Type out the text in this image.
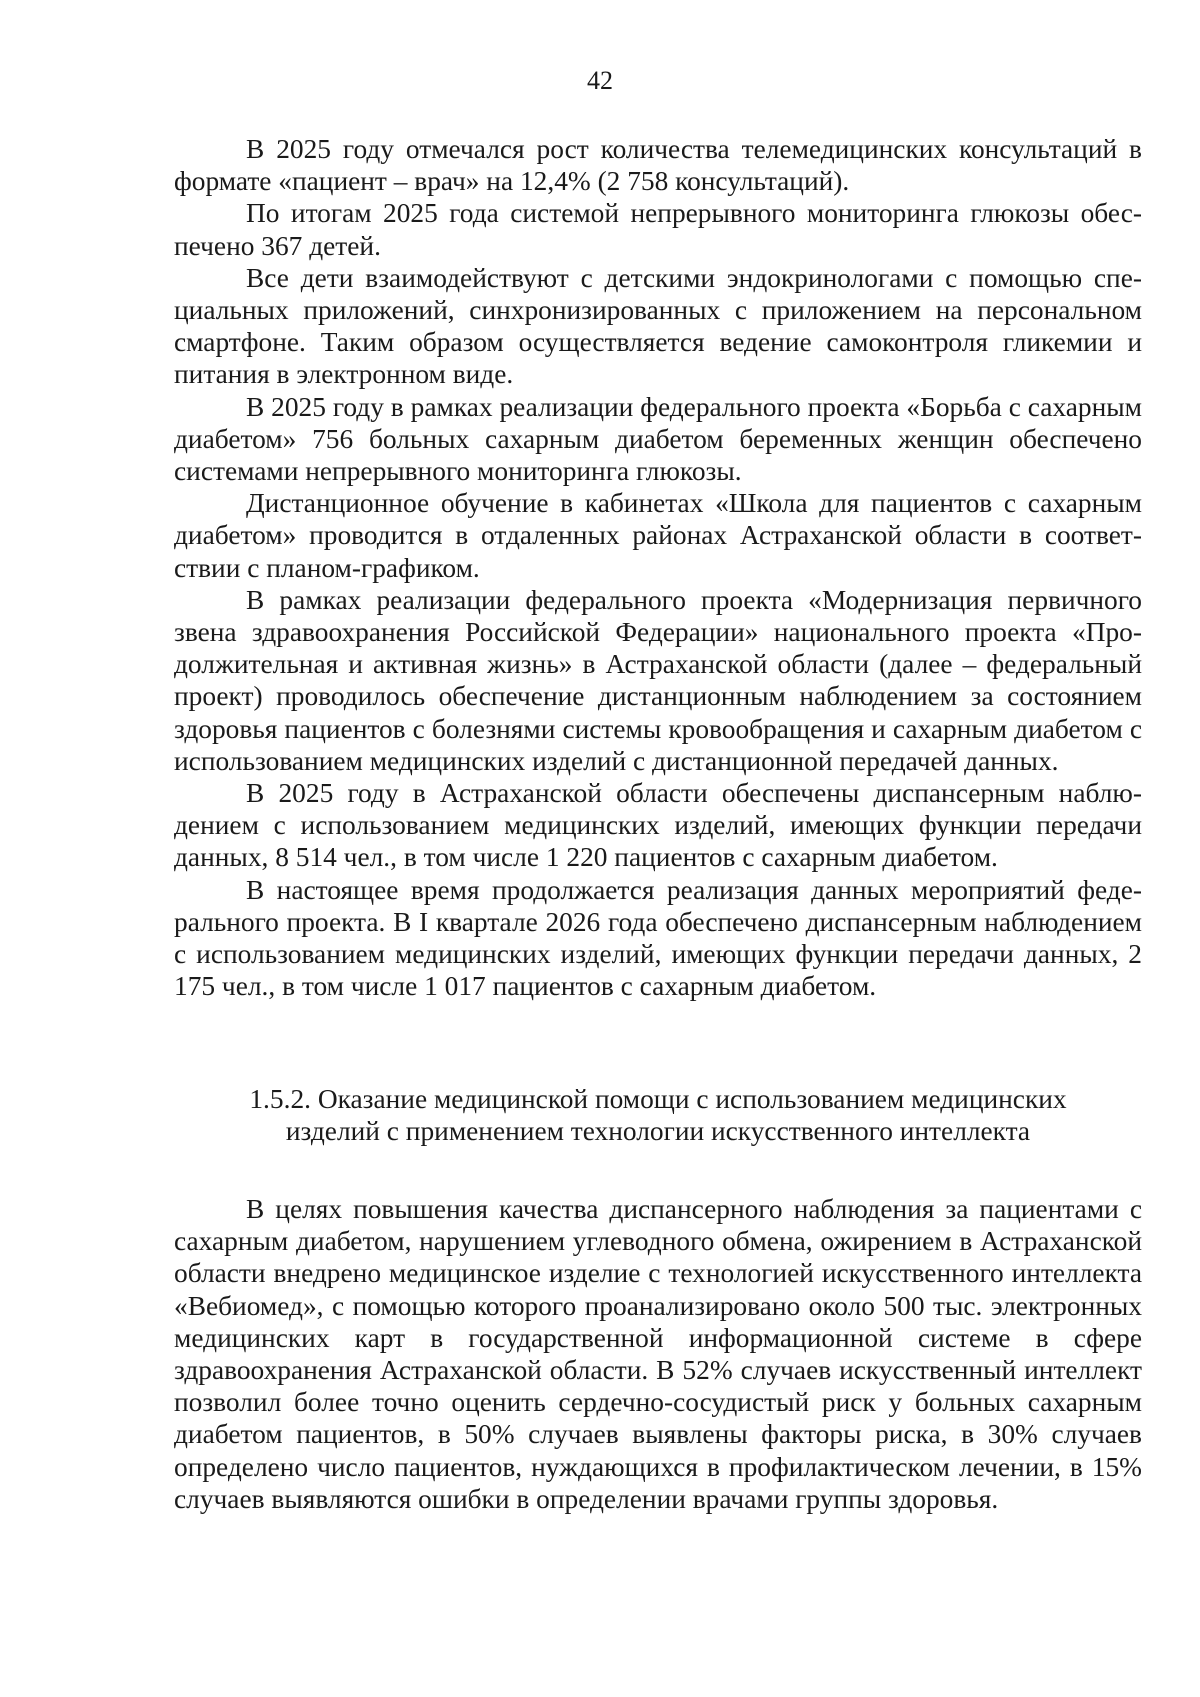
42

В 2025 году отмечался рост количества телемедицинских консультаций в формате «пациент – врач» на 12,4% (2 758 консультаций).

По итогам 2025 года системой непрерывного мониторинга глюкозы обеспечено 367 детей.

Все дети взаимодействуют с детскими эндокринологами с помощью специальных приложений, синхронизированных с приложением на персональном смартфоне. Таким образом осуществляется ведение самоконтроля гликемии и питания в электронном виде.

В 2025 году в рамках реализации федерального проекта «Борьба с сахарным диабетом» 756 больных сахарным диабетом беременных женщин обеспечено системами непрерывного мониторинга глюкозы.

Дистанционное обучение в кабинетах «Школа для пациентов с сахарным диабетом» проводится в отдаленных районах Астраханской области в соответствии с планом-графиком.

В рамках реализации федерального проекта «Модернизация первичного звена здравоохранения Российской Федерации» национального проекта «Продолжительная и активная жизнь» в Астраханской области (далее – федеральный проект) проводилось обеспечение дистанционным наблюдением за состоянием здоровья пациентов с болезнями системы кровообращения и сахарным диабетом с использованием медицинских изделий с дистанционной передачей данных.

В 2025 году в Астраханской области обеспечены диспансерным наблюдением с использованием медицинских изделий, имеющих функции передачи данных, 8 514 чел., в том числе 1 220 пациентов с сахарным диабетом.

В настоящее время продолжается реализация данных мероприятий федерального проекта. В I квартале 2026 года обеспечено диспансерным наблюдением с использованием медицинских изделий, имеющих функции передачи данных, 2 175 чел., в том числе 1 017 пациентов с сахарным диабетом.

1.5.2. Оказание медицинской помощи с использованием медицинских
изделий с применением технологии искусственного интеллекта

В целях повышения качества диспансерного наблюдения за пациентами с сахарным диабетом, нарушением углеводного обмена, ожирением в Астраханской области внедрено медицинское изделие с технологией искусственного интеллекта «Вебиомед», с помощью которого проанализировано около 500 тыс. электронных медицинских карт в государственной информационной системе в сфере здравоохранения Астраханской области. В 52% случаев искусственный интеллект позволил более точно оценить сердечно-сосудистый риск у больных сахарным диабетом пациентов, в 50% случаев выявлены факторы риска, в 30% случаев определено число пациентов, нуждающихся в профилактическом лечении, в 15% случаев выявляются ошибки в определении врачами группы здоровья.
